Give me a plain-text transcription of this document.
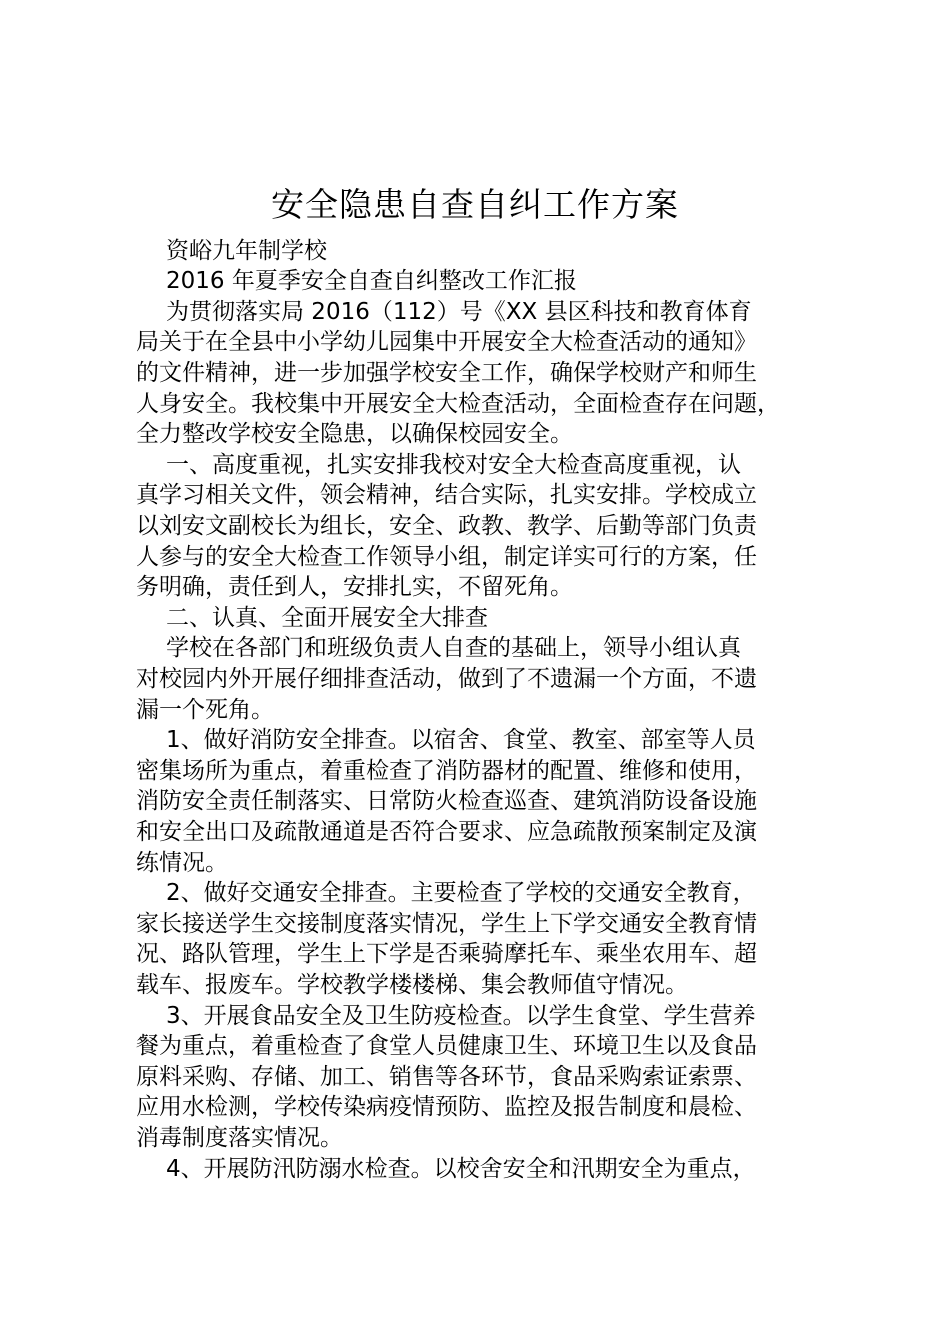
安全隐患自查自纠工作方案
资峪九年制学校
2016 年夏季安全自查自纠整改工作汇报
为贯彻落实局 2016（112）号《XX 县区科技和教育体育
局关于在全县中小学幼儿园集中开展安全大检查活动的通知》
的文件精神，进一步加强学校安全工作，确保学校财产和师生
人身安全。我校集中开展安全大检查活动，全面检查存在问题，
全力整改学校安全隐患，以确保校园安全。
一、高度重视，扎实安排我校对安全大检查高度重视，认
真学习相关文件，领会精神，结合实际，扎实安排。学校成立
以刘安文副校长为组长，安全、政教、教学、后勤等部门负责
人参与的安全大检查工作领导小组，制定详实可行的方案，任
务明确，责任到人，安排扎实，不留死角。
二、认真、全面开展安全大排查
学校在各部门和班级负责人自查的基础上，领导小组认真
对校园内外开展仔细排查活动，做到了不遗漏一个方面，不遗
漏一个死角。
1、做好消防安全排查。以宿舍、食堂、教室、部室等人员
密集场所为重点，着重检查了消防器材的配置、维修和使用，
消防安全责任制落实、日常防火检查巡查、建筑消防设备设施
和安全出口及疏散通道是否符合要求、应急疏散预案制定及演
练情况。
2、做好交通安全排查。主要检查了学校的交通安全教育，
家长接送学生交接制度落实情况，学生上下学交通安全教育情
况、路队管理，学生上下学是否乘骑摩托车、乘坐农用车、超
载车、报废车。学校教学楼楼梯、集会教师值守情况。
3、开展食品安全及卫生防疫检查。以学生食堂、学生营养
餐为重点，着重检查了食堂人员健康卫生、环境卫生以及食品
原料采购、存储、加工、销售等各环节，食品采购索证索票、
应用水检测，学校传染病疫情预防、监控及报告制度和晨检、
消毒制度落实情况。
4、开展防汛防溺水检查。以校舍安全和汛期安全为重点，
